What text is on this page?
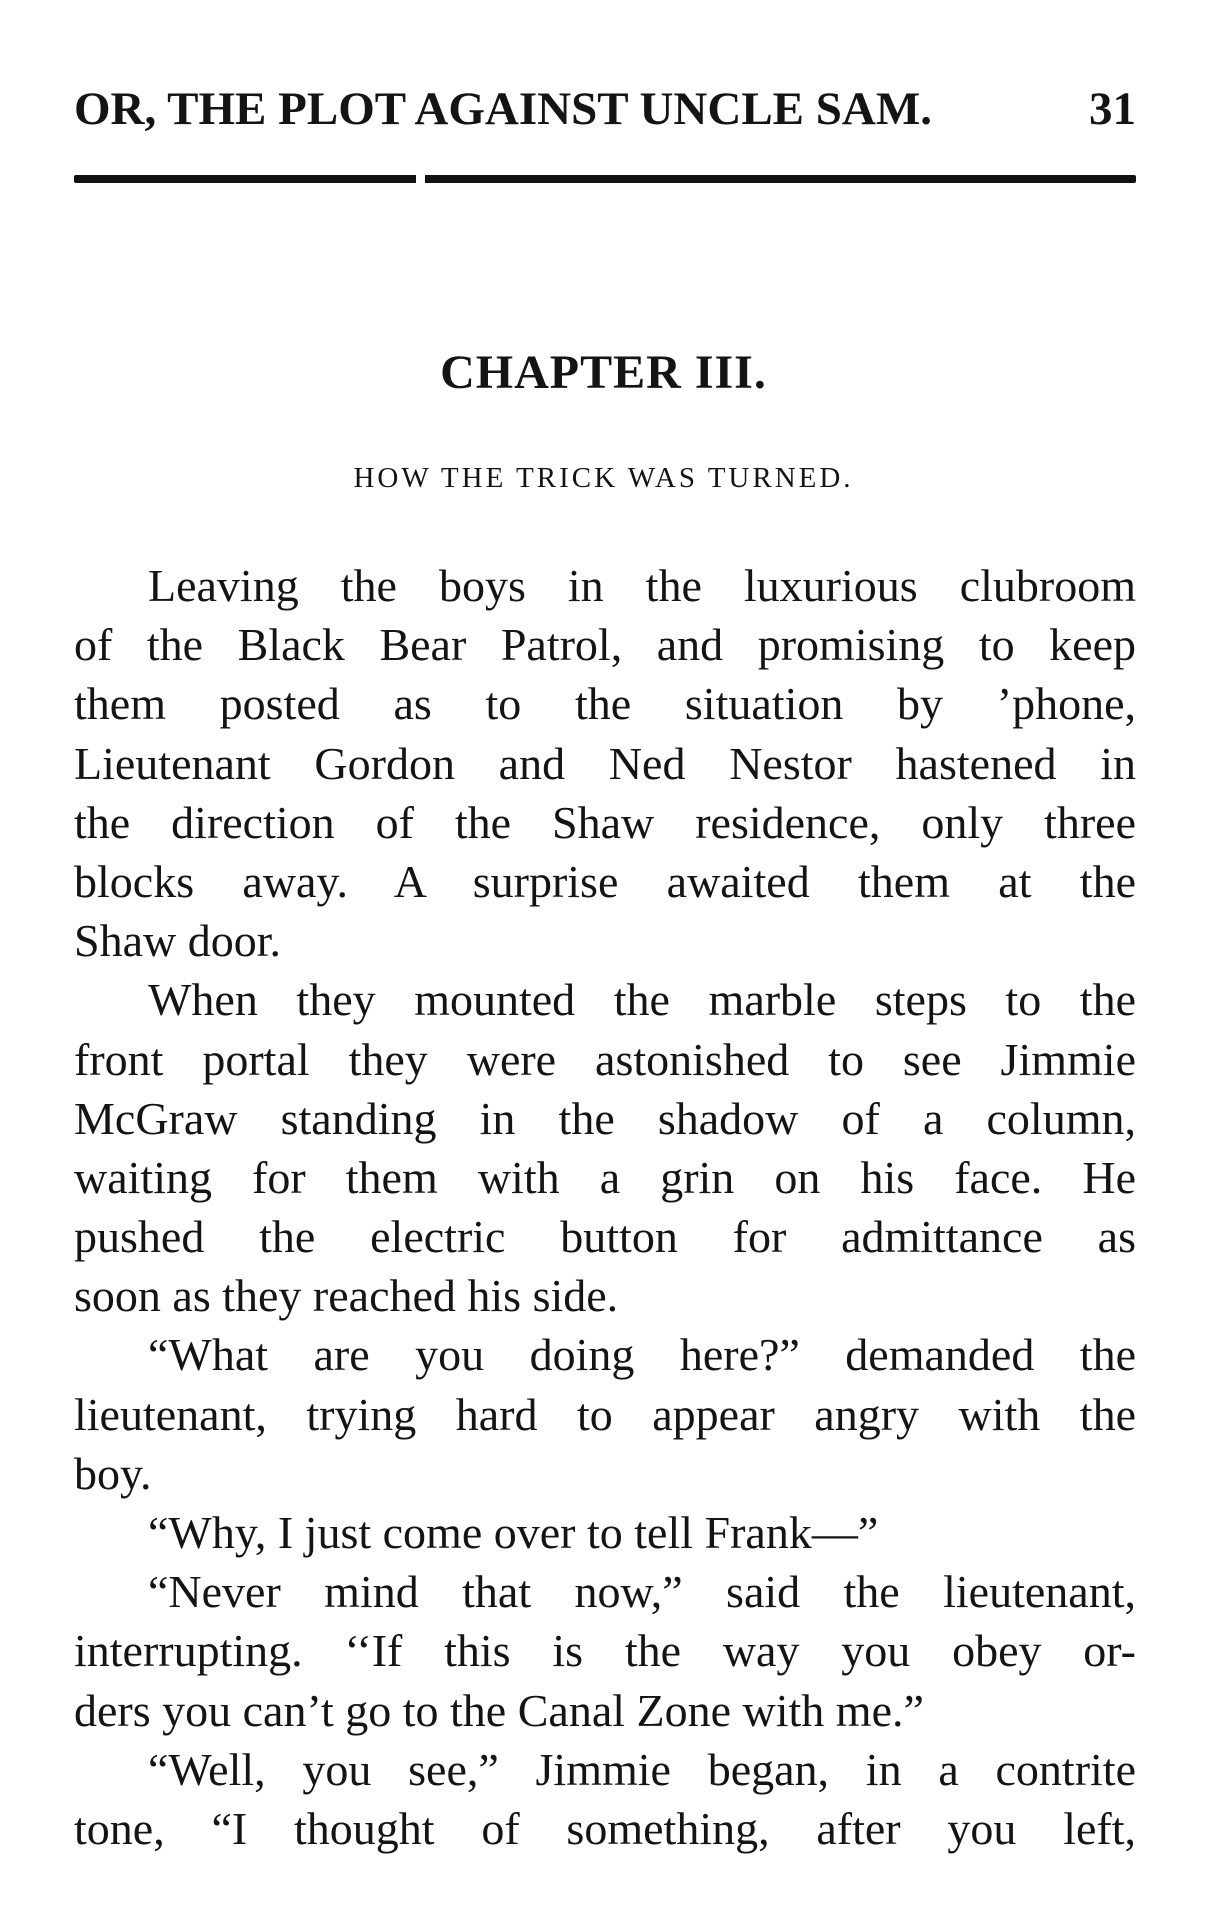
OR, THE PLOT AGAINST UNCLE SAM.	31
CHAPTER III.
HOW THE TRICK WAS TURNED.
Leaving the boys in the luxurious clubroom
of the Black Bear Patrol, and promising to keep
them posted as to the situation by ’phone,
Lieutenant Gordon and Ned Nestor hastened in
the direction of the Shaw residence, only three
blocks away. A surprise awaited them at the
Shaw door.
When they mounted the marble steps to the
front portal they were astonished to see Jimmie
McGraw standing in the shadow of a column,
waiting for them with a grin on his face. He
pushed the electric button for admittance as
soon as they reached his side.
“What are you doing here?” demanded the
lieutenant, trying hard to appear angry with the
boy.
“Why, I just come over to tell Frank—”
“Never mind that now,” said the lieutenant,
interrupting. ‘‘If this is the way you obey or-
ders you can’t go to the Canal Zone with me.”
“Well, you see,” Jimmie began, in a contrite
tone, “I thought of something, after you left,
